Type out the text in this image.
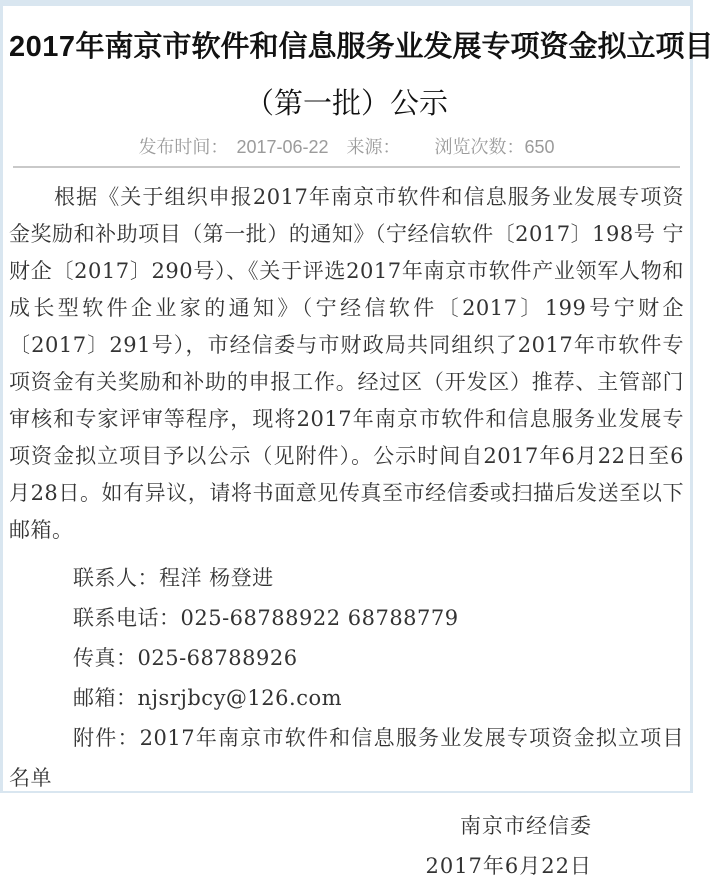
2017年南京市软件和信息服务业发展专项资金拟立项目
（第一批）公示
发布时间： 2017-06-22 来源： 浏览次数：650

根据《关于组织申报2017年南京市软件和信息服务业发展专项资金奖励和补助项目（第一批）的通知》（宁经信软件〔2017〕198号 宁财企〔2017〕290号）、《关于评选2017年南京市软件产业领军人物和成长型软件企业家的通知》（宁经信软件〔2017〕199号宁财企〔2017〕291号），市经信委与市财政局共同组织了2017年市软件专项资金有关奖励和补助的申报工作。经过区（开发区）推荐、主管部门审核和专家评审等程序，现将2017年南京市软件和信息服务业发展专项资金拟立项目予以公示（见附件）。公示时间自2017年6月22日至6月28日。如有异议，请将书面意见传真至市经信委或扫描后发送至以下邮箱。

联系人：程洋 杨登进

联系电话：025-68788922 68788779

传真：025-68788926

邮箱：njsrjbcy@126.com

附件：2017年南京市软件和信息服务业发展专项资金拟立项目名单

南京市经信委
2017年6月22日
